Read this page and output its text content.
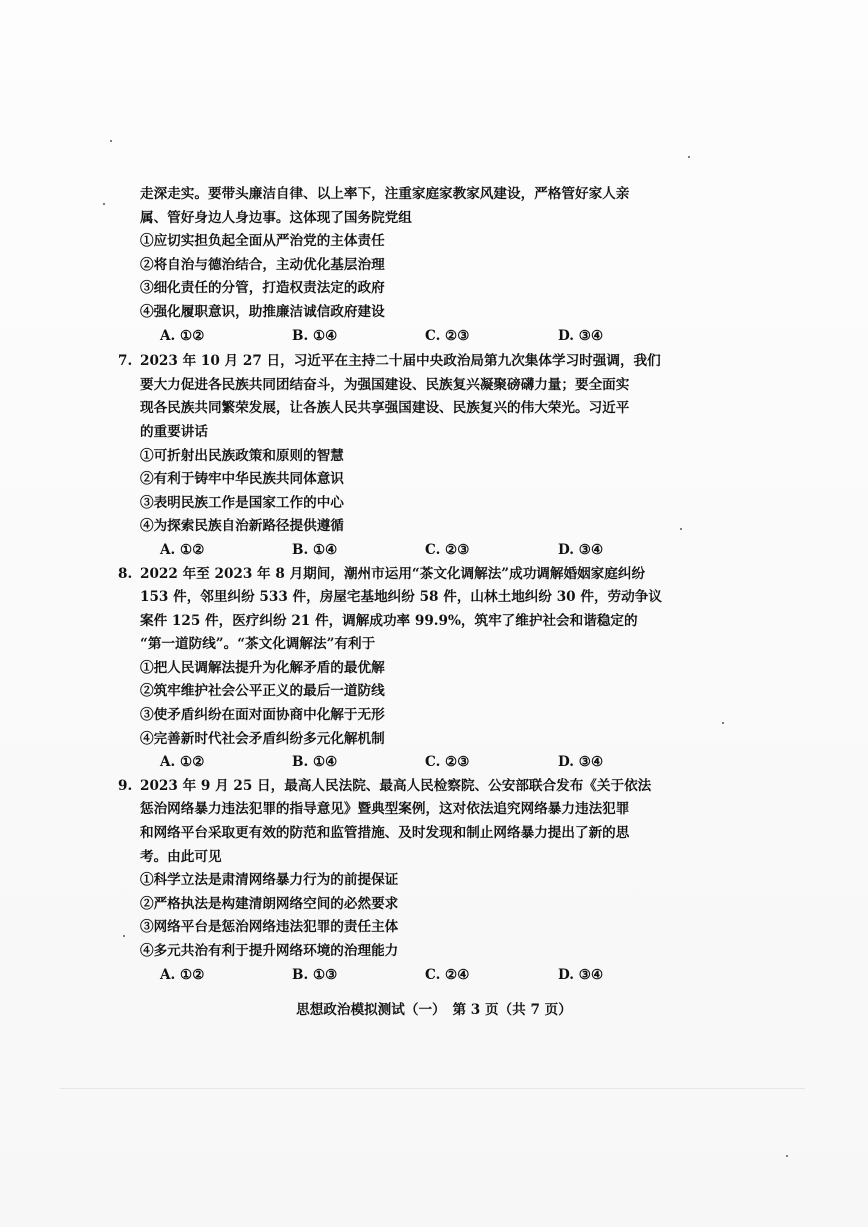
走深走实。要带头廉洁自律、以上率下，注重家庭家教家风建设，严格管好家人亲
属、管好身边人身边事。这体现了国务院党组
①应切实担负起全面从严治党的主体责任
②将自治与德治结合，主动优化基层治理
③细化责任的分管，打造权责法定的政府
④强化履职意识，助推廉洁诚信政府建设
A. ①②	B. ①④	C. ②③	D. ③④
7. 2023 年 10 月 27 日，习近平在主持二十届中央政治局第九次集体学习时强调，我们
要大力促进各民族共同团结奋斗，为强国建设、民族复兴凝聚磅礴力量；要全面实
现各民族共同繁荣发展，让各族人民共享强国建设、民族复兴的伟大荣光。习近平
的重要讲话
①可折射出民族政策和原则的智慧
②有利于铸牢中华民族共同体意识
③表明民族工作是国家工作的中心
④为探索民族自治新路径提供遵循
A. ①②	B. ①④	C. ②③	D. ③④
8. 2022 年至 2023 年 8 月期间，潮州市运用“茶文化调解法”成功调解婚姻家庭纠纷
153 件，邻里纠纷 533 件，房屋宅基地纠纷 58 件，山林土地纠纷 30 件，劳动争议
案件 125 件，医疗纠纷 21 件，调解成功率 99.9%，筑牢了维护社会和谐稳定的
“第一道防线”。“茶文化调解法”有利于
①把人民调解法提升为化解矛盾的最优解
②筑牢维护社会公平正义的最后一道防线
③使矛盾纠纷在面对面协商中化解于无形
④完善新时代社会矛盾纠纷多元化解机制
A. ①②	B. ①④	C. ②③	D. ③④
9. 2023 年 9 月 25 日，最高人民法院、最高人民检察院、公安部联合发布《关于依法
惩治网络暴力违法犯罪的指导意见》暨典型案例，这对依法追究网络暴力违法犯罪
和网络平台采取更有效的防范和监管措施、及时发现和制止网络暴力提出了新的思
考。由此可见
①科学立法是肃清网络暴力行为的前提保证
②严格执法是构建清朗网络空间的必然要求
③网络平台是惩治网络违法犯罪的责任主体
④多元共治有利于提升网络环境的治理能力
A. ①②	B. ①③	C. ②④	D. ③④
思想政治模拟测试（一）　第 3 页（共 7 页）
